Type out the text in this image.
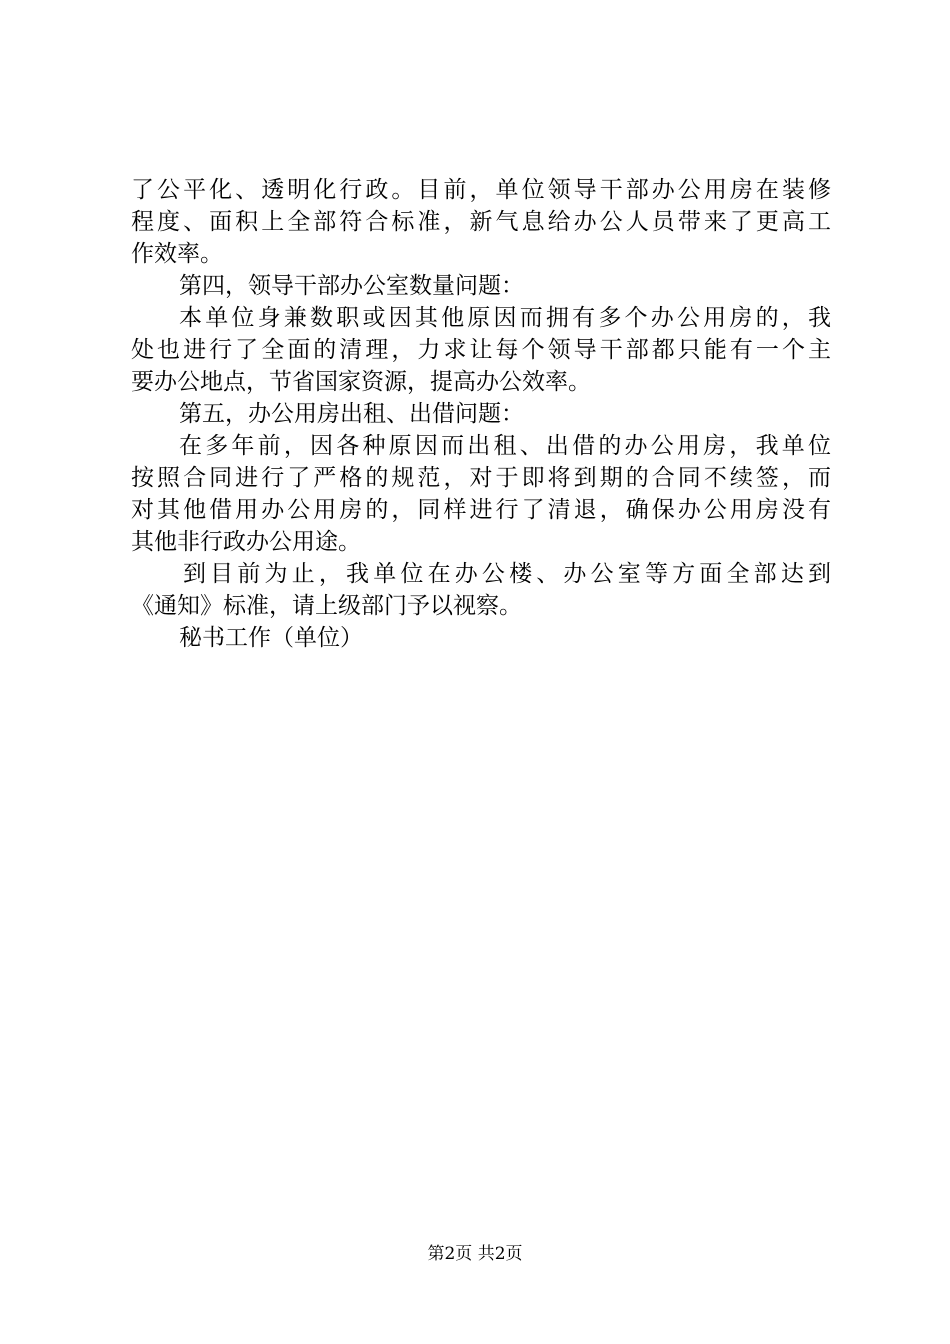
了公平化、透明化行政。目前，单位领导干部办公用房在装修
程度、面积上全部符合标准，新气息给办公人员带来了更高工
作效率。
第四，领导干部办公室数量问题：
本单位身兼数职或因其他原因而拥有多个办公用房的，我
处也进行了全面的清理，力求让每个领导干部都只能有一个主
要办公地点，节省国家资源，提高办公效率。
第五，办公用房出租、出借问题：
在多年前，因各种原因而出租、出借的办公用房，我单位
按照合同进行了严格的规范，对于即将到期的合同不续签，而
对其他借用办公用房的，同样进行了清退，确保办公用房没有
其他非行政办公用途。
到目前为止，我单位在办公楼、办公室等方面全部达到
《通知》标准，请上级部门予以视察。
秘书工作（单位）
第2页 共2页
